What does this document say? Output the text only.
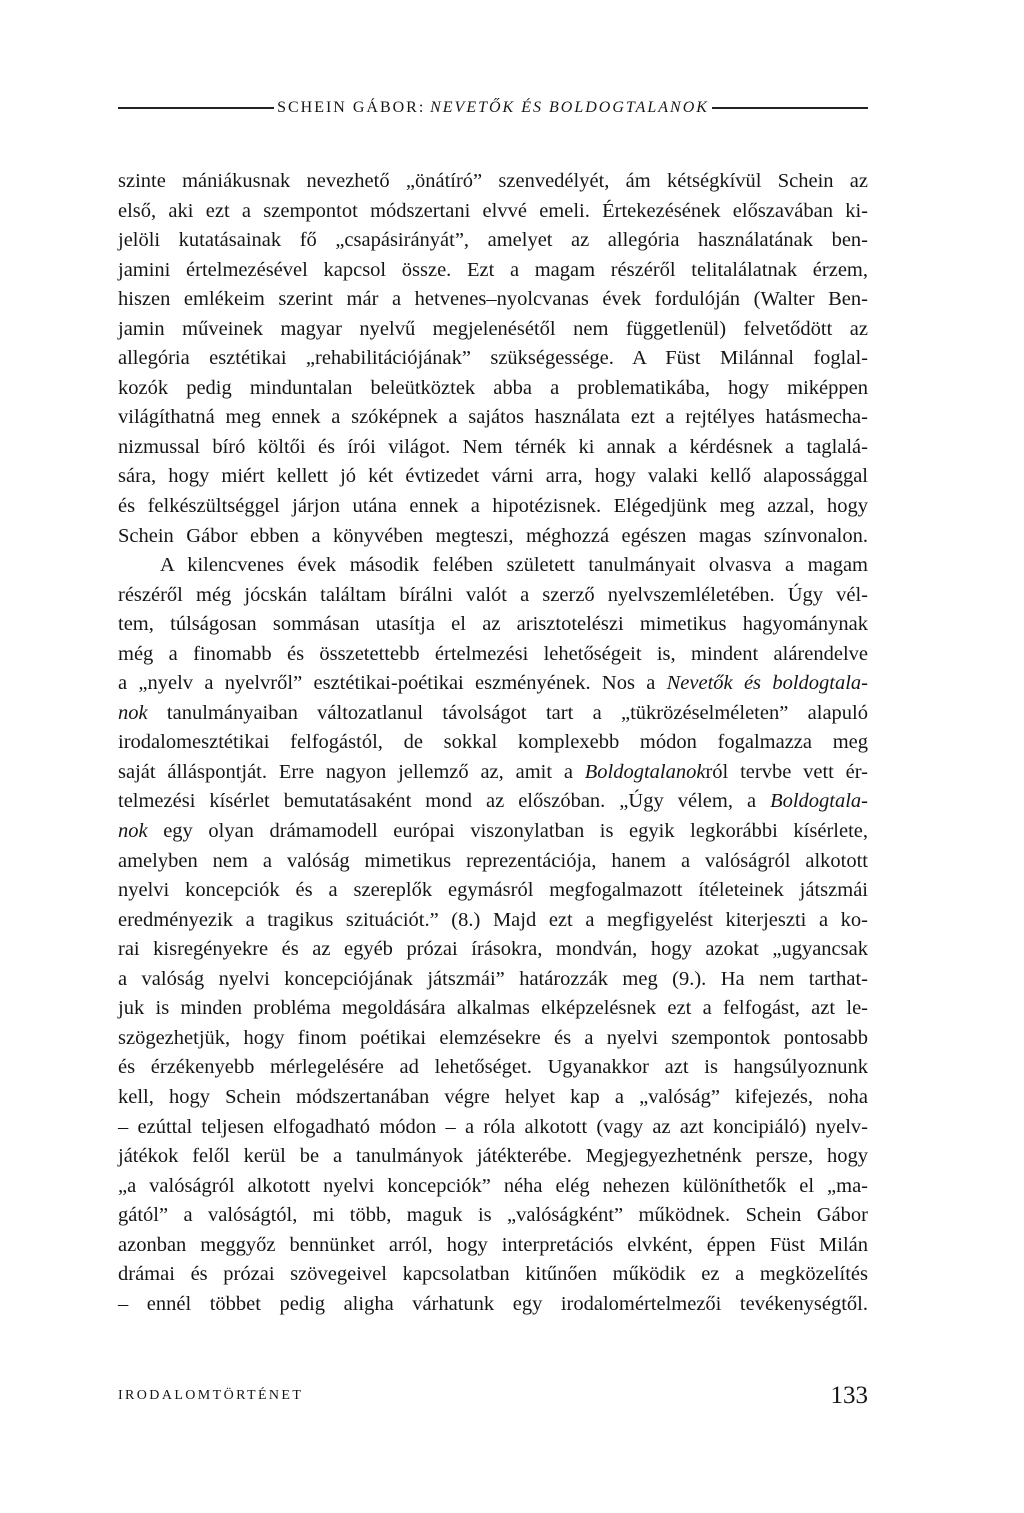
SCHEIN GÁBOR: NEVETŐK ÉS BOLDOGTALANOK
szinte mániákusnak nevezhető „önátíró” szenvedélyét, ám kétségkívül Schein az
első, aki ezt a szempontot módszertani elvvé emeli. Értekezésének előszavában ki-
jelöli kutatásainak fő „csapásirányát”, amelyet az allegória használatának ben-
jamini értelmezésével kapcsol össze. Ezt a magam részéről telitalálatnak érzem,
hiszen emlékeim szerint már a hetvenes–nyolcvanas évek fordulóján (Walter Ben-
jamin műveinek magyar nyelvű megjelenésétől nem függetlenül) felvetődött az
allegória esztétikai „rehabilitációjának” szükségessége. A Füst Milánnal foglal-
kozók pedig minduntalan beleütköztek abba a problematikába, hogy miképpen
világíthatná meg ennek a szóképnek a sajátos használata ezt a rejtélyes hatásmecha-
nizmussal bíró költői és írói világot. Nem térnék ki annak a kérdésnek a taglalá-
sára, hogy miért kellett jó két évtizedet várni arra, hogy valaki kellő alapossággal
és felkészültséggel járjon utána ennek a hipotézisnek. Elégedjünk meg azzal, hogy
Schein Gábor ebben a könyvében megteszi, méghozzá egészen magas színvonalon.
A kilencvenes évek második felében született tanulmányait olvasva a magam
részéről még jócskán találtam bírálni valót a szerző nyelvszemléletében. Úgy vél-
tem, túlságosan sommásan utasítja el az arisztotelészi mimetikus hagyománynak
még a finomabb és összetettebb értelmezési lehetőségeit is, mindent alárendelve
a „nyelv a nyelvről” esztétikai-poétikai eszményének. Nos a Nevetők és boldogtala-
nok tanulmányaiban változatlanul távolságot tart a „tükrözéselméleten” alapuló
irodalomesztétikai felfogástól, de sokkal komplexebb módon fogalmazza meg
saját álláspontját. Erre nagyon jellemző az, amit a Boldogtalanokról tervbe vett ér-
telmezési kísérlet bemutatásaként mond az előszóban. „Úgy vélem, a Boldogtala-
nok egy olyan drámamodell európai viszonylatban is egyik legkorábbi kísérlete,
amelyben nem a valóság mimetikus reprezentációja, hanem a valóságról alkotott
nyelvi koncepciók és a szereplők egymásról megfogalmazott ítéleteinek játszmái
eredményezik a tragikus szituációt.” (8.) Majd ezt a megfigyelést kiterjeszti a ko-
rai kisregényekre és az egyéb prózai írásokra, mondván, hogy azokat „ugyancsak
a valóság nyelvi koncepciójának játszmái” határozzák meg (9.). Ha nem tarthat-
juk is minden probléma megoldására alkalmas elképzelésnek ezt a felfogást, azt le-
szögezhetjük, hogy finom poétikai elemzésekre és a nyelvi szempontok pontosabb
és érzékenyebb mérlegelésére ad lehetőséget. Ugyanakkor azt is hangsúlyoznunk
kell, hogy Schein módszertanában végre helyet kap a „valóság” kifejezés, noha
– ezúttal teljesen elfogadható módon – a róla alkotott (vagy az azt koncipiáló) nyelv-
játékok felől kerül be a tanulmányok játékterébe. Megjegyezhetnénk persze, hogy
„a valóságról alkotott nyelvi koncepciók” néha elég nehezen különíthetők el „ma-
gától” a valóságtól, mi több, maguk is „valóságként” működnek. Schein Gábor
azonban meggyőz bennünket arról, hogy interpretációs elvként, éppen Füst Milán
drámai és prózai szövegeivel kapcsolatban kitűnően működik ez a megközelítés
– ennél többet pedig aligha várhatunk egy irodalomértelmezői tevékenységtől.
IRODALOMTÖRTÉNET	133
